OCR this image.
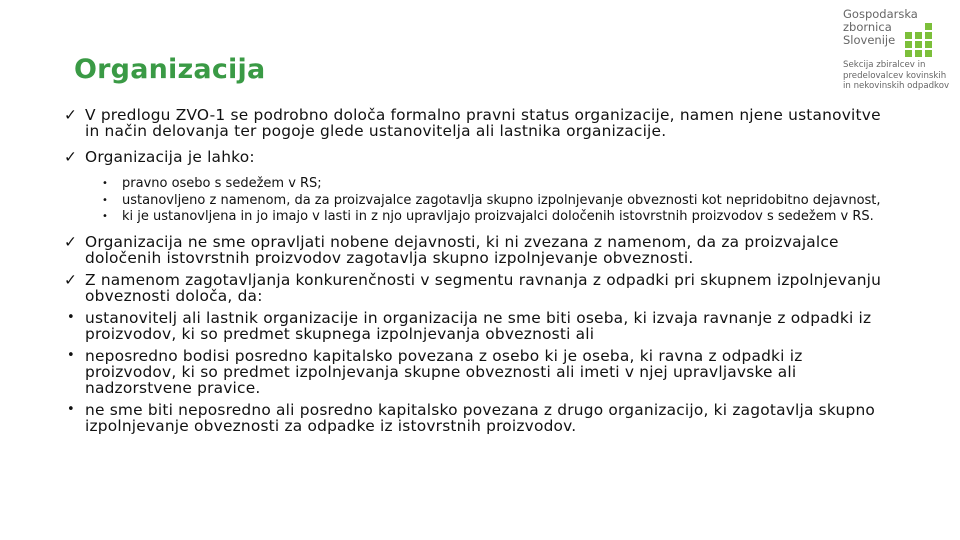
Organizacija
Gospodarska
zbornica
Slovenije
Sekcija zbiralcev in
predelovalcev kovinskih
in nekovinskih odpadkov
✓ V predlogu ZVO-1 se podrobno določa formalno pravni status organizacije, namen njene ustanovitve in način delovanja ter pogoje glede ustanovitelja ali lastnika organizacije.
✓ Organizacija je lahko:
• pravno osebo s sedežem v RS;
• ustanovljeno z namenom, da za proizvajalce zagotavlja skupno izpolnjevanje obveznosti kot nepridobitno dejavnost,
• ki je ustanovljena in jo imajo v lasti in z njo upravljajo proizvajalci določenih istovrstnih proizvodov s sedežem v RS.
✓ Organizacija ne sme opravljati nobene dejavnosti, ki ni zvezana z namenom, da za proizvajalce določenih istovrstnih proizvodov zagotavlja skupno izpolnjevanje obveznosti.
✓ Z namenom zagotavljanja konkurenčnosti v segmentu ravnanja z odpadki pri skupnem izpolnjevanju obveznosti določa, da:
• ustanovitelj ali lastnik organizacije in organizacija ne sme biti oseba, ki izvaja ravnanje z odpadki iz proizvodov, ki so predmet skupnega izpolnjevanja obveznosti ali
• neposredno bodisi posredno kapitalsko povezana z osebo ki je oseba, ki ravna z odpadki iz proizvodov, ki so predmet izpolnjevanja skupne obveznosti ali imeti v njej upravljavske ali nadzorstvene pravice.
• ne sme biti neposredno ali posredno kapitalsko povezana z drugo organizacijo, ki zagotavlja skupno izpolnjevanje obveznosti za odpadke iz istovrstnih proizvodov.
